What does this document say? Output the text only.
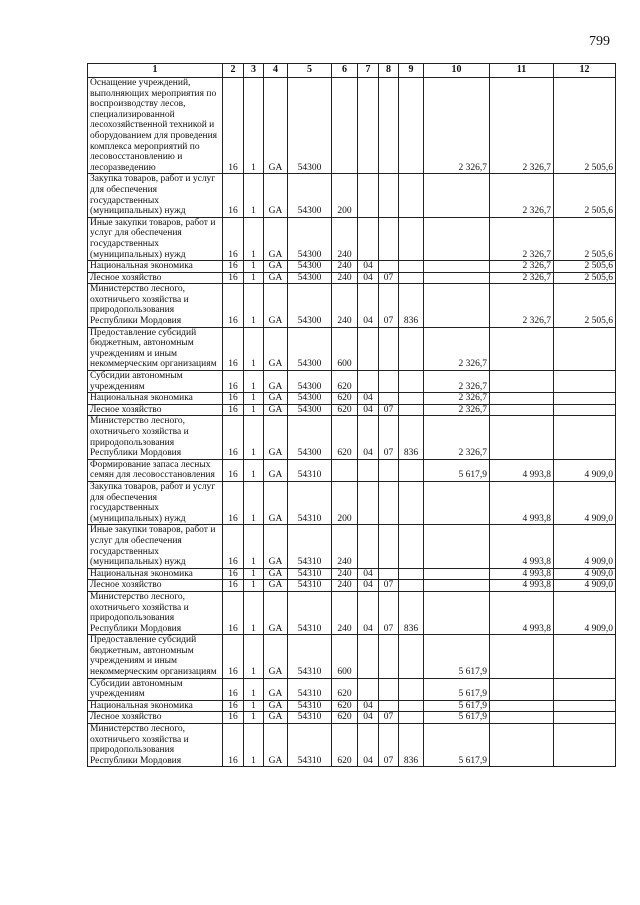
799
1	2	3	4	5	6	7	8	9	10	11	12
Оснащение учреждений, выполняющих мероприятия по воспроизводству лесов, специализированной лесохозяйственной техникой и оборудованием для проведения комплекса мероприятий по лесовосстановлению и лесоразведению	16	1	GA	54300					2 326,7	2 326,7	2 505,6
Закупка товаров, работ и услуг для обеспечения государственных (муниципальных) нужд	16	1	GA	54300	200					2 326,7	2 505,6
Иные закупки товаров, работ и услуг для обеспечения государственных (муниципальных) нужд	16	1	GA	54300	240					2 326,7	2 505,6
Национальная экономика	16	1	GA	54300	240	04				2 326,7	2 505,6
Лесное хозяйство	16	1	GA	54300	240	04	07			2 326,7	2 505,6
Министерство лесного, охотничьего хозяйства и природопользования Республики Мордовия	16	1	GA	54300	240	04	07	836		2 326,7	2 505,6
Предоставление субсидий бюджетным, автономным учреждениям и иным некоммерческим организациям	16	1	GA	54300	600				2 326,7		
Субсидии автономным учреждениям	16	1	GA	54300	620				2 326,7		
Национальная экономика	16	1	GA	54300	620	04			2 326,7		
Лесное хозяйство	16	1	GA	54300	620	04	07		2 326,7		
Министерство лесного, охотничьего хозяйства и природопользования Республики Мордовия	16	1	GA	54300	620	04	07	836	2 326,7		
Формирование запаса лесных семян для лесовосстановления	16	1	GA	54310					5 617,9	4 993,8	4 909,0
Закупка товаров, работ и услуг для обеспечения государственных (муниципальных) нужд	16	1	GA	54310	200					4 993,8	4 909,0
Иные закупки товаров, работ и услуг для обеспечения государственных (муниципальных) нужд	16	1	GA	54310	240					4 993,8	4 909,0
Национальная экономика	16	1	GA	54310	240	04				4 993,8	4 909,0
Лесное хозяйство	16	1	GA	54310	240	04	07			4 993,8	4 909,0
Министерство лесного, охотничьего хозяйства и природопользования Республики Мордовия	16	1	GA	54310	240	04	07	836		4 993,8	4 909,0
Предоставление субсидий бюджетным, автономным учреждениям и иным некоммерческим организациям	16	1	GA	54310	600				5 617,9		
Субсидии автономным учреждениям	16	1	GA	54310	620				5 617,9		
Национальная экономика	16	1	GA	54310	620	04			5 617,9		
Лесное хозяйство	16	1	GA	54310	620	04	07		5 617,9		
Министерство лесного, охотничьего хозяйства и природопользования Республики Мордовия	16	1	GA	54310	620	04	07	836	5 617,9		
